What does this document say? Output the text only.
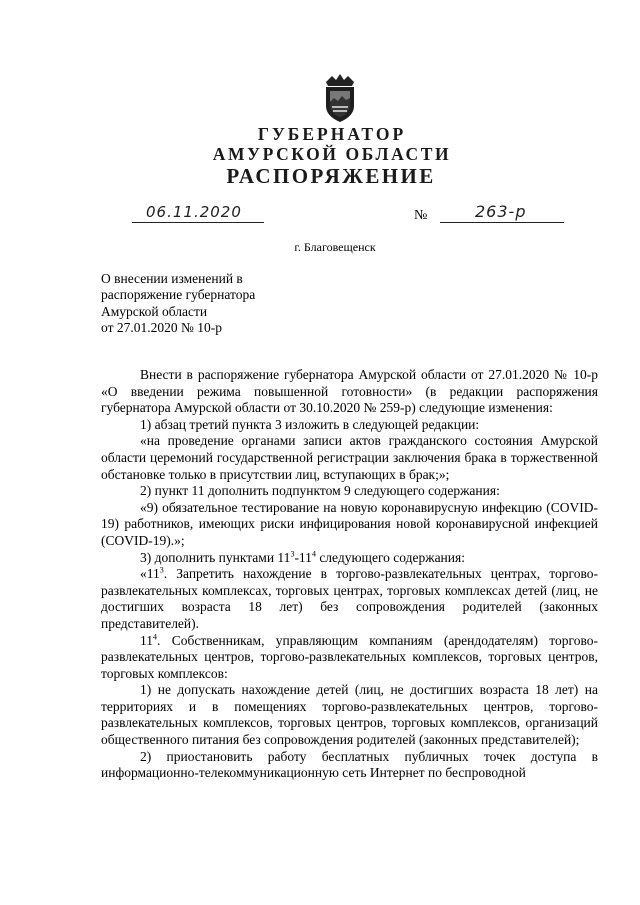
ГУБЕРНАТОР
АМУРСКОЙ ОБЛАСТИ
РАСПОРЯЖЕНИЕ
06.11.2020	№	263-р
г. Благовещенск
О внесении изменений в
распоряжение губернатора
Амурской области
от 27.01.2020 № 10-р

Внести в распоряжение губернатора Амурской области от 27.01.2020 № 10-р «О введении режима повышенной готовности» (в редакции распоряжения губернатора Амурской области от 30.10.2020 № 259-р) следующие изменения:

1) абзац третий пункта 3 изложить в следующей редакции:

«на проведение органами записи актов гражданского состояния Амурской области церемоний государственной регистрации заключения брака в торжественной обстановке только в присутствии лиц, вступающих в брак;»;

2) пункт 11 дополнить подпунктом 9 следующего содержания:

«9) обязательное тестирование на новую коронавирусную инфекцию (COVID-19) работников, имеющих риски инфицирования новой коронавирусной инфекцией (COVID-19).»;

3) дополнить пунктами $11^3-11^4$ следующего содержания:

«$11^3$. Запретить нахождение в торгово-развлекательных центрах, торгово-развлекательных комплексах, торговых центрах, торговых комплексах детей (лиц, не достигших возраста 18 лет) без сопровождения родителей (законных представителей).

$11^4$. Собственникам, управляющим компаниям (арендодателям) торгово-развлекательных центров, торгово-развлекательных комплексов, торговых центров, торговых комплексов:

1) не допускать нахождение детей (лиц, не достигших возраста 18 лет) на территориях и в помещениях торгово-развлекательных центров, торгово-развлекательных комплексов, торговых центров, торговых комплексов, организаций общественного питания без сопровождения родителей (законных представителей);

2) приостановить работу бесплатных публичных точек доступа в информационно-телекоммуникационную сеть Интернет по беспроводной
